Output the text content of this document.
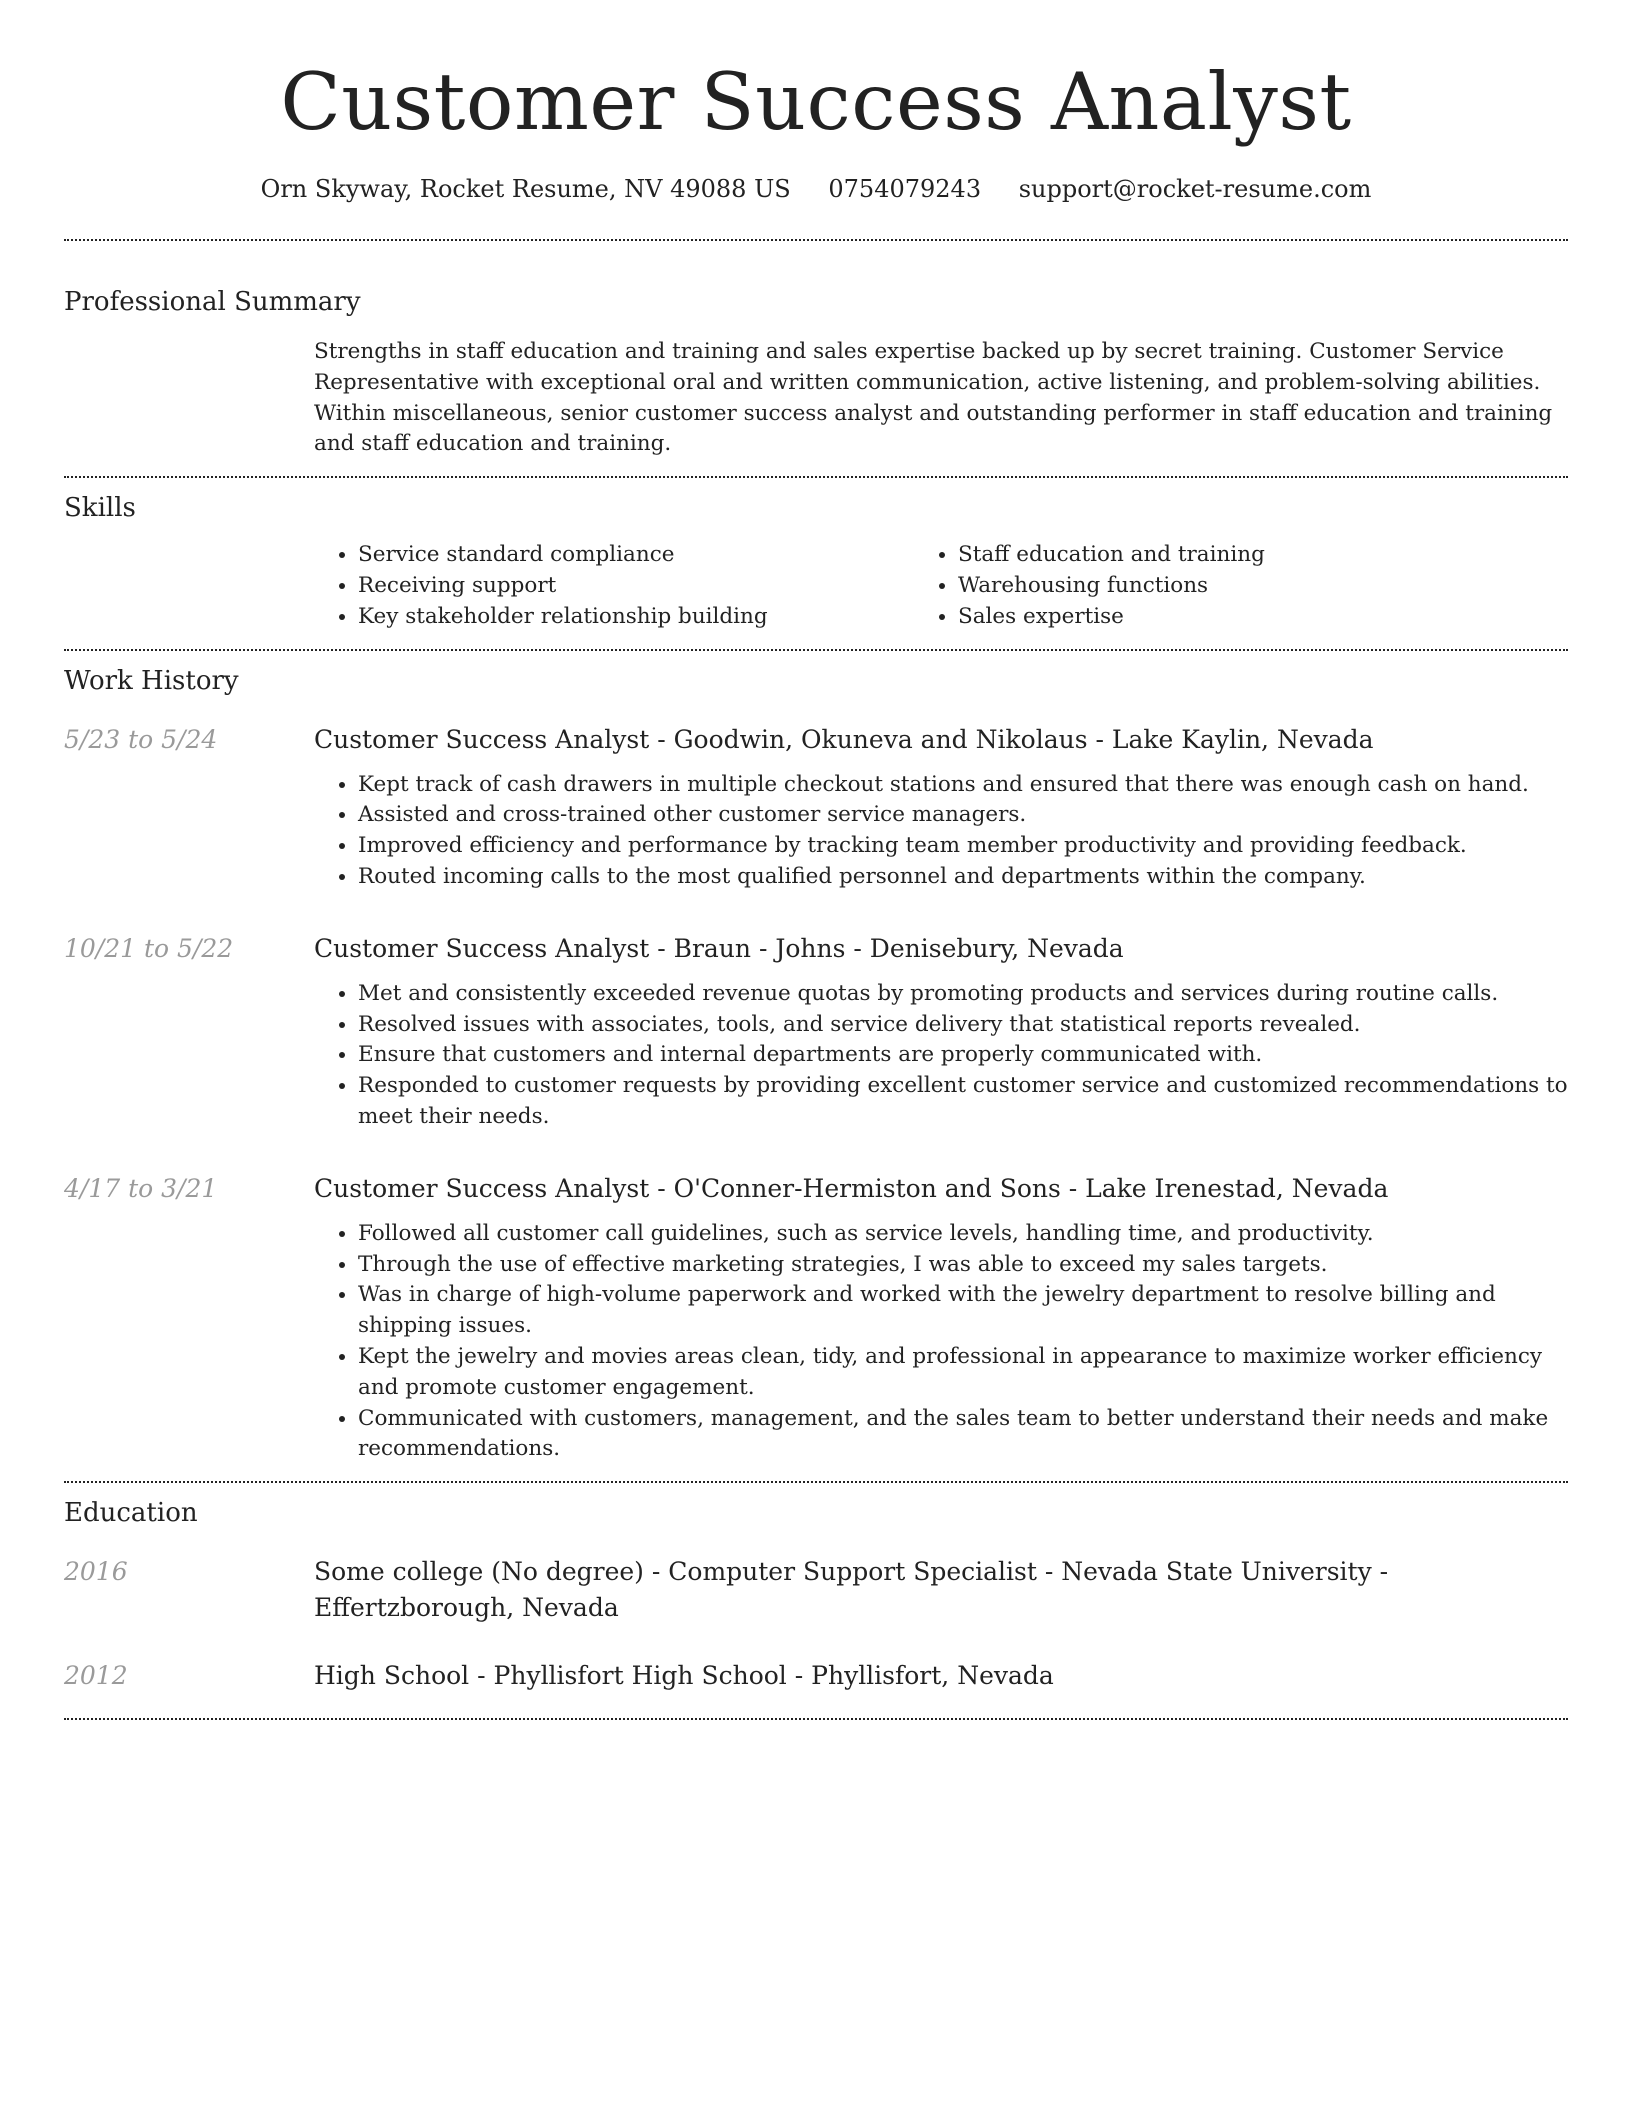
Customer Success Analyst
Orn Skyway, Rocket Resume, NV 49088 US 0754079243 support@rocket-resume.com
Professional Summary
Strengths in staff education and training and sales expertise backed up by secret training. Customer Service Representative with exceptional oral and written communication, active listening, and problem-solving abilities. Within miscellaneous, senior customer success analyst and outstanding performer in staff education and training and staff education and training.
Skills
• Service standard compliance
• Receiving support
• Key stakeholder relationship building
• Staff education and training
• Warehousing functions
• Sales expertise
Work History
5/23 to 5/24	Customer Success Analyst - Goodwin, Okuneva and Nikolaus - Lake Kaylin, Nevada
• Kept track of cash drawers in multiple checkout stations and ensured that there was enough cash on hand.
• Assisted and cross-trained other customer service managers.
• Improved efficiency and performance by tracking team member productivity and providing feedback.
• Routed incoming calls to the most qualified personnel and departments within the company.
10/21 to 5/22	Customer Success Analyst - Braun - Johns - Denisebury, Nevada
• Met and consistently exceeded revenue quotas by promoting products and services during routine calls.
• Resolved issues with associates, tools, and service delivery that statistical reports revealed.
• Ensure that customers and internal departments are properly communicated with.
• Responded to customer requests by providing excellent customer service and customized recommendations to meet their needs.
4/17 to 3/21	Customer Success Analyst - O'Conner-Hermiston and Sons - Lake Irenestad, Nevada
• Followed all customer call guidelines, such as service levels, handling time, and productivity.
• Through the use of effective marketing strategies, I was able to exceed my sales targets.
• Was in charge of high-volume paperwork and worked with the jewelry department to resolve billing and shipping issues.
• Kept the jewelry and movies areas clean, tidy, and professional in appearance to maximize worker efficiency and promote customer engagement.
• Communicated with customers, management, and the sales team to better understand their needs and make recommendations.
Education
2016	Some college (No degree) - Computer Support Specialist - Nevada State University - Effertzborough, Nevada
2012	High School - Phyllisfort High School - Phyllisfort, Nevada
